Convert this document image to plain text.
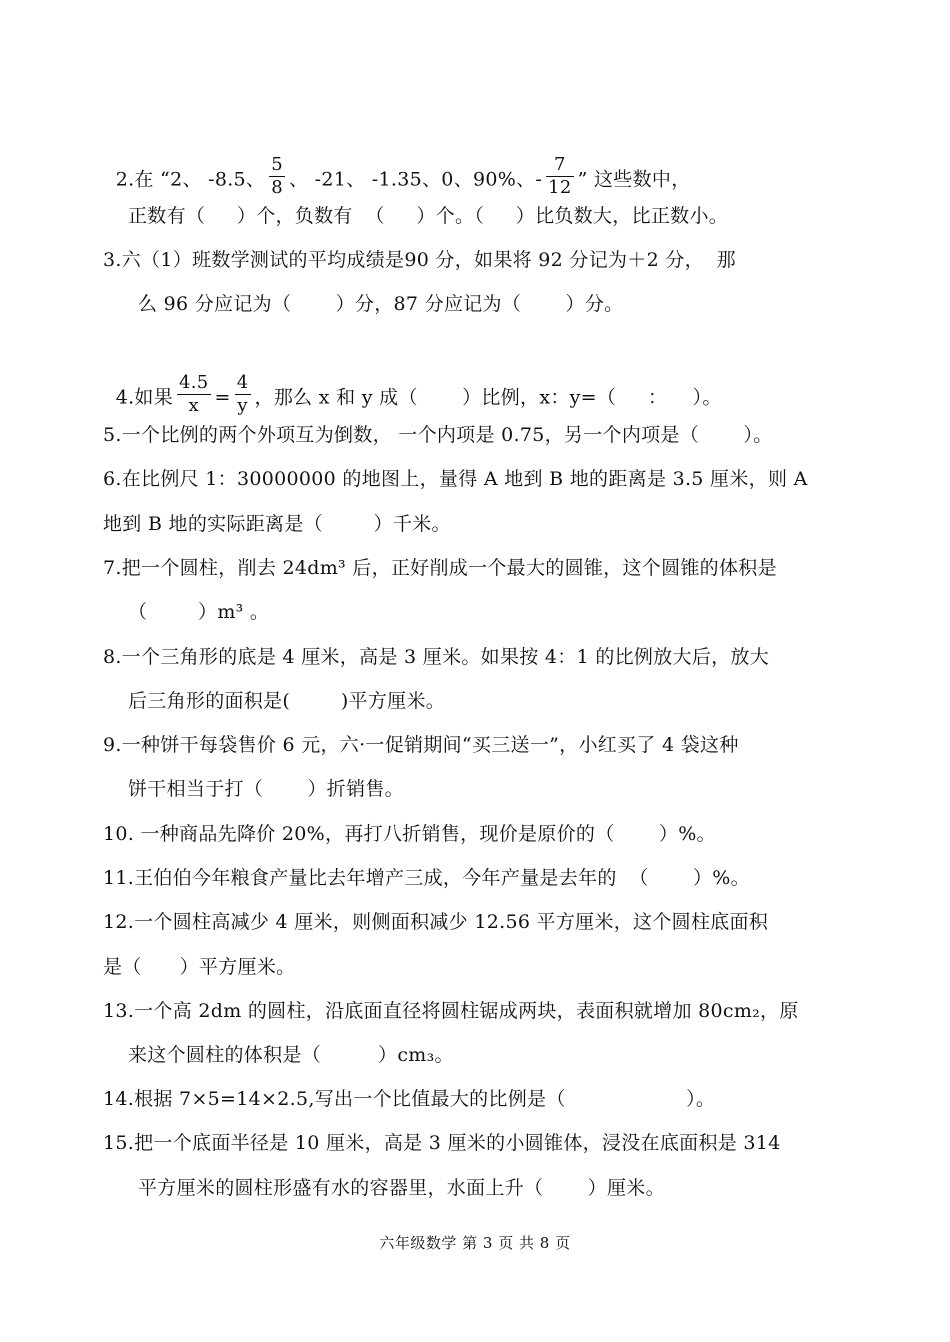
2.在 “2、 -8.5、 $\frac{5}{8}$ 、 -21、 -1.35、0、90%、- $\frac{7}{12}$ ” 这些数中，

正数有（     ）个，负数有  （     ）个。（     ）比负数大，比正数小。
3.六（1）班数学测试的平均成绩是90 分，如果将 92 分记为＋2 分，  那
么 96 分应记为（       ）分，87 分应记为（       ）分。

4.如果 $\frac{4.5}{x} = \frac{4}{y}$ ，那么 x 和 y 成（       ）比例，x：y=（     ：    ）。

5.一个比例的两个外项互为倒数， 一个内项是 0.75，另一个内项是（       ）。
6.在比例尺 1：30000000 的地图上，量得 A 地到 B 地的距离是 3.5 厘米，则 A
地到 B 地的实际距离是（        ）千米。
7.把一个圆柱，削去 24dm³ 后，正好削成一个最大的圆锥，这个圆锥的体积是
（        ）m³ 。
8.一个三角形的底是 4 厘米，高是 3 厘米。如果按 4：1 的比例放大后，放大
后三角形的面积是(        )平方厘米。
9.一种饼干每袋售价 6 元，六·一促销期间“买三送一”，小红买了 4 袋这种
饼干相当于打（       ）折销售。
10. 一种商品先降价 20%，再打八折销售，现价是原价的（       ）%。
11.王伯伯今年粮食产量比去年增产三成，今年产量是去年的  （       ）%。
12.一个圆柱高减少 4 厘米，则侧面积减少 12.56 平方厘米，这个圆柱底面积
是（      ）平方厘米。
13.一个高 2dm 的圆柱，沿底面直径将圆柱锯成两块，表面积就增加 80cm₂，原
来这个圆柱的体积是（         ）cm₃。
14.根据 7×5=14×2.5,写出一个比值最大的比例是（                   ）。
15.把一个底面半径是 10 厘米，高是 3 厘米的小圆锥体，浸没在底面积是 314
平方厘米的圆柱形盛有水的容器里，水面上升（       ）厘米。
六年级数学 第 3 页 共 8 页
